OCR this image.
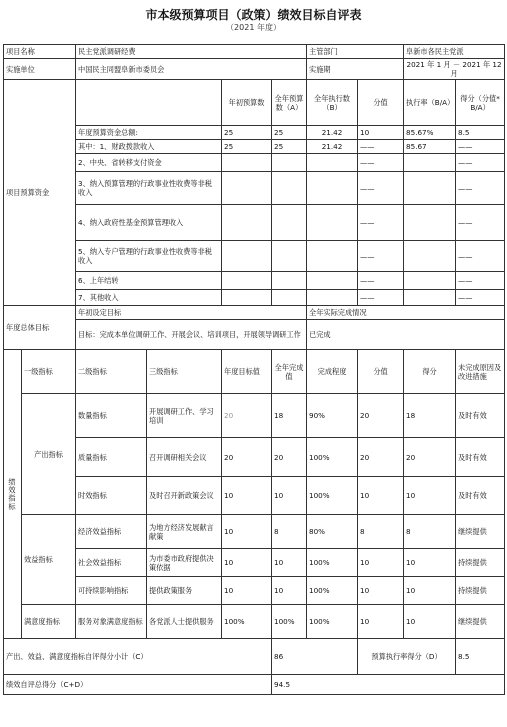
市本级预算项目（政策）绩效目标自评表
（2021 年度）
项目名称		民主党派调研经费				主管部门		阜新市各民主党派	
实施单位		中国民主同盟阜新市委员会				实施期		2021 年 1 月 － 2021 年 12 月	
项目预算资金				年初预算数	全年预算数（A）	全年执行数（B）	分值	执行率（B/A）	得分（分值*B/A）
		年度预算资金总额:		25	25	21.42	10	85.67%	8.5
		其中：1、财政拨款收入		25	25	21.42	——	85.67	——
		2、中央、省转移支付资金					——		——
		3、纳入预算管理的行政事业性收费等非税收入					——		——
		4、纳入政府性基金预算管理收入					——		——
		5、纳入专户管理的行政事业性收费等非税收入					——		——
		6、上年结转					——		——
		7、其他收入					——		——
年度总体目标		年初设定目标				全年实际完成情况			
		目标：完成本单位调研工作、开展会议、培训项目，开展领导调研工作				已完成			
绩效指标	一级指标	二级指标	三级指标	年度目标值	全年完成值	完成程度	分值	得分	未完成原因及改进措施
	产出指标	数量指标	开展调研工作、学习培训	20	18	90%	20	18	及时有效
		质量指标	召开调研相关会议	20	20	100%	20	20	及时有效
		时效指标	及时召开新政策会议	10	10	100%	10	10	及时有效
	效益指标	经济效益指标	为地方经济发展献言献策	10	8	80%	8	8	继续提供
		社会效益指标	为市委市政府提供决策依据	10	10	100%	10	10	持续提供
		可持续影响指标	提供政策服务	10	10	100%	10	10	持续提供
	满意度指标	服务对象满意度指标	各党派人士提供服务	100%	100%	100%	10	10	继续提供
产出、效益、满意度指标自评得分小计（C）					86		预算执行率得分（D）		8.5
绩效自评总得分（C+D）					94.5				
